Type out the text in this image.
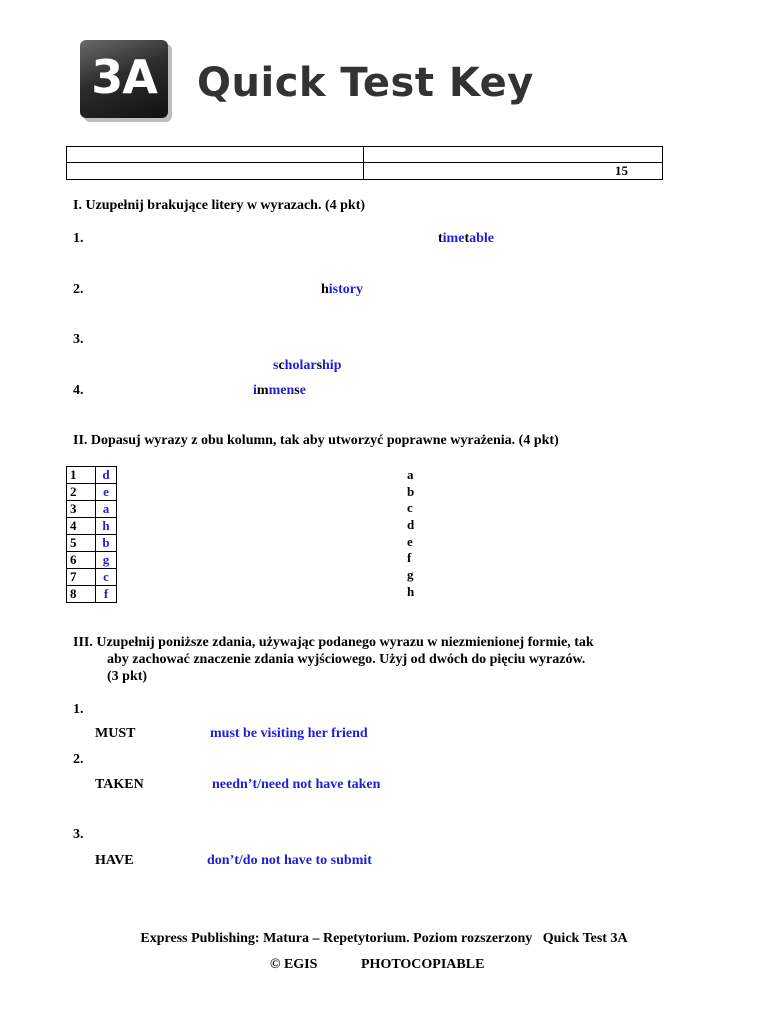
3A Quick Test Key

	15
I. Uzupełnij brakujące litery w wyrazach. (4 pkt)
1.	timetable
2.	history
3.
scholarship
4.	immense
II. Dopasuj wyrazy z obu kolumn, tak aby utworzyć poprawne wyrażenia. (4 pkt)
1	d
2	e
3	a
4	h
5	b
6	g
7	c
8	f
a
b
c
d
e
f
g
h
III. Uzupełnij poniższe zdania, używając podanego wyrazu w niezmienionej formie, tak
aby zachować znaczenie zdania wyjściowego. Użyj od dwóch do pięciu wyrazów.
(3 pkt)
1.
MUST	must be visiting her friend
2.
TAKEN	needn’t/need not have taken
3.
HAVE	don’t/do not have to submit
Express Publishing: Matura – Repetytorium. Poziom rozszerzony   Quick Test 3A
© EGIS	PHOTOCOPIABLE
